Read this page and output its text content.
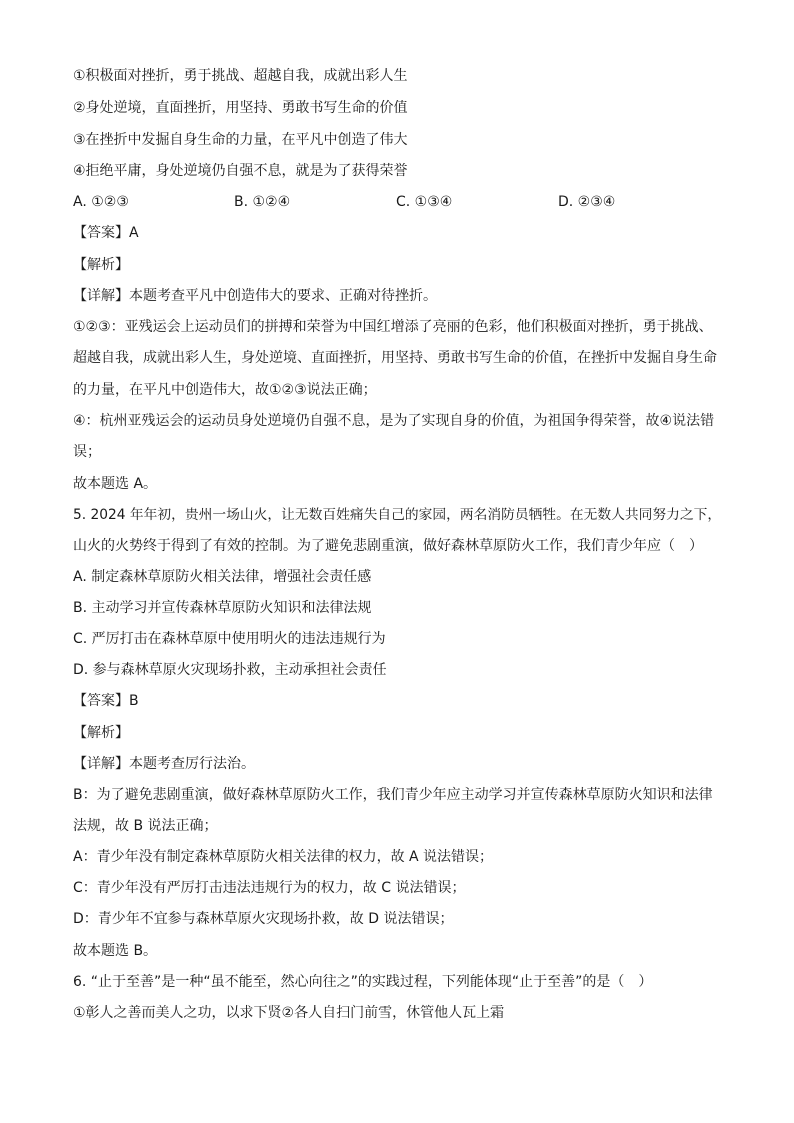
①积极面对挫折，勇于挑战、超越自我，成就出彩人生
②身处逆境，直面挫折，用坚持、勇敢书写生命的价值
③在挫折中发掘自身生命的力量，在平凡中创造了伟大
④拒绝平庸，身处逆境仍自强不息，就是为了获得荣誉
A. ①②③	B. ①②④	C. ①③④	D. ②③④
【答案】A
【解析】
【详解】本题考查平凡中创造伟大的要求、正确对待挫折。
①②③：亚残运会上运动员们的拼搏和荣誉为中国红增添了亮丽的色彩，他们积极面对挫折，勇于挑战、
超越自我，成就出彩人生，身处逆境、直面挫折，用坚持、勇敢书写生命的价值，在挫折中发掘自身生命
的力量，在平凡中创造伟大，故①②③说法正确；
④：杭州亚残运会的运动员身处逆境仍自强不息，是为了实现自身的价值，为祖国争得荣誉，故④说法错
误；
故本题选 A。
5. 2024 年年初，贵州一场山火，让无数百姓痛失自己的家园，两名消防员牺牲。在无数人共同努力之下，
山火的火势终于得到了有效的控制。为了避免悲剧重演，做好森林草原防火工作，我们青少年应（　）
A. 制定森林草原防火相关法律，增强社会责任感
B. 主动学习并宣传森林草原防火知识和法律法规
C. 严厉打击在森林草原中使用明火的违法违规行为
D. 参与森林草原火灾现场扑救，主动承担社会责任
【答案】B
【解析】
【详解】本题考查厉行法治。
B：为了避免悲剧重演，做好森林草原防火工作，我们青少年应主动学习并宣传森林草原防火知识和法律
法规，故 B 说法正确；
A：青少年没有制定森林草原防火相关法律的权力，故 A 说法错误；
C：青少年没有严厉打击违法违规行为的权力，故 C 说法错误；
D：青少年不宜参与森林草原火灾现场扑救，故 D 说法错误；
故本题选 B。
6. “止于至善”是一种“虽不能至，然心向往之”的实践过程，下列能体现“止于至善”的是（　）
①彰人之善而美人之功，以求下贤②各人自扫门前雪，休管他人瓦上霜
